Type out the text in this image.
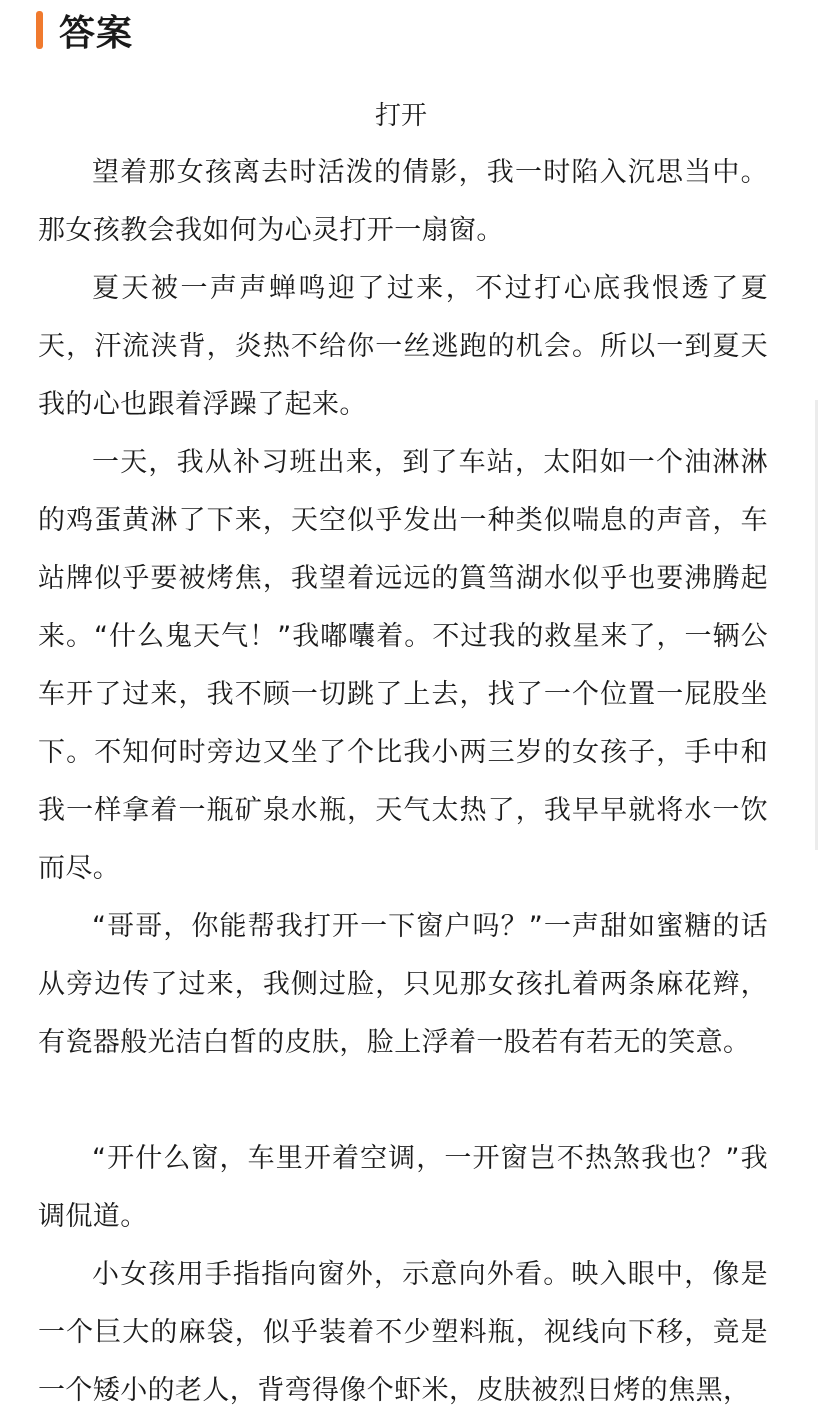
答案
打开

望着那女孩离去时活泼的倩影，我一时陷入沉思当中。那女孩教会我如何为心灵打开一扇窗。

夏天被一声声蝉鸣迎了过来，不过打心底我恨透了夏天，汗流浃背，炎热不给你一丝逃跑的机会。所以一到夏天我的心也跟着浮躁了起来。

一天，我从补习班出来，到了车站，太阳如一个油淋淋的鸡蛋黄淋了下来，天空似乎发出一种类似喘息的声音，车站牌似乎要被烤焦，我望着远远的篔筜湖水似乎也要沸腾起来。“什么鬼天气！”我嘟囔着。不过我的救星来了，一辆公车开了过来，我不顾一切跳了上去，找了一个位置一屁股坐下。不知何时旁边又坐了个比我小两三岁的女孩子，手中和我一样拿着一瓶矿泉水瓶，天气太热了，我早早就将水一饮而尽。

“哥哥，你能帮我打开一下窗户吗？”一声甜如蜜糖的话从旁边传了过来，我侧过脸，只见那女孩扎着两条麻花辫，有瓷器般光洁白皙的皮肤，脸上浮着一股若有若无的笑意。

“开什么窗，车里开着空调，一开窗岂不热煞我也？”我调侃道。

小女孩用手指指向窗外，示意向外看。映入眼中，像是一个巨大的麻袋，似乎装着不少塑料瓶，视线向下移，竟是一个矮小的老人，背弯得像个虾米，皮肤被烈日烤的焦黑，
